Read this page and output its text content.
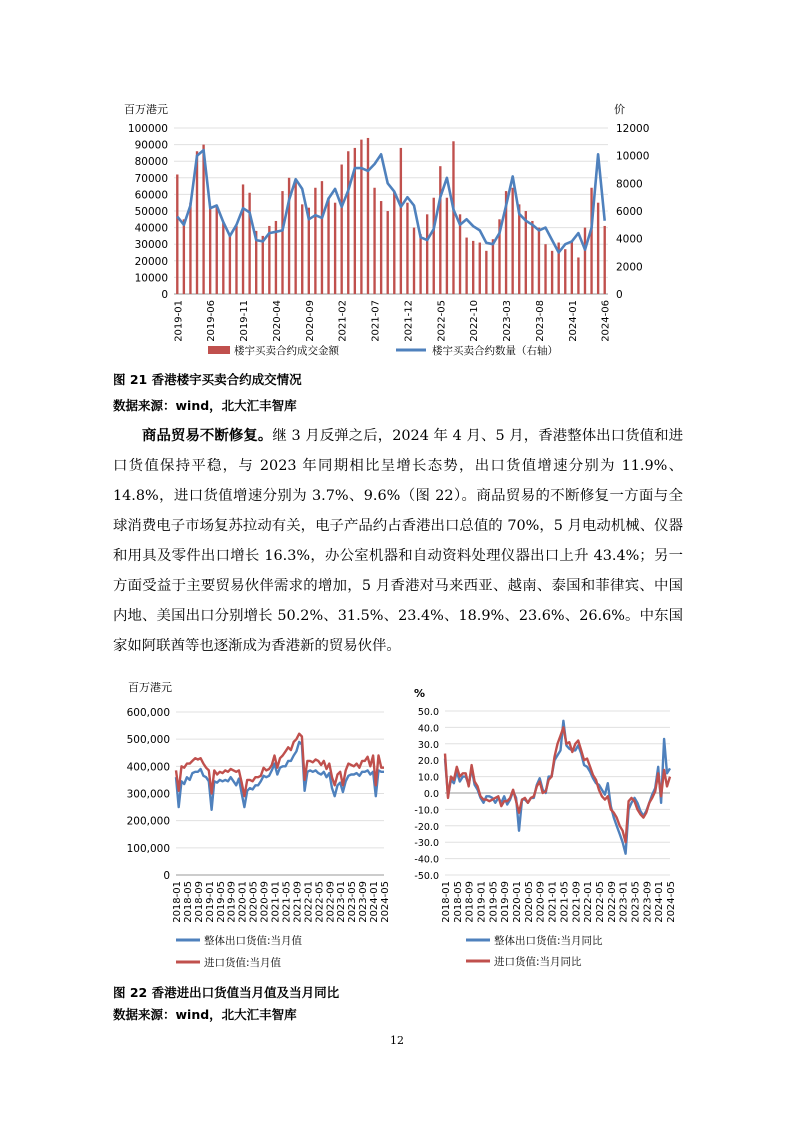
百万港元	价
0
10000
20000
30000
40000
50000
60000
70000
80000
90000
100000
0
2000
4000
6000
8000
10000
12000
2019-01 2019-06 2019-11 2020-04 2020-09 2021-02 2021-07 2021-12 2022-05 2022-10 2023-03 2023-08 2024-01 2024-06
楼宇买卖合约成交金额	楼宇买卖合约数量（右轴）
图 21 香港楼宇买卖合约成交情况
数据来源：wind，北大汇丰智库

商品贸易不断修复。继 3 月反弹之后，2024 年 4 月、5 月，香港整体出口货值和进口货值保持平稳，与 2023 年同期相比呈增长态势，出口货值增速分别为 11.9%、14.8%，进口货值增速分别为 3.7%、9.6%（图 22）。商品贸易的不断修复一方面与全球消费电子市场复苏拉动有关，电子产品约占香港出口总值的 70%，5 月电动机械、仪器和用具及零件出口增长 16.3%，办公室机器和自动资料处理仪器出口上升 43.4%；另一方面受益于主要贸易伙伴需求的增加，5 月香港对马来西亚、越南、泰国和菲律宾、中国内地、美国出口分别增长 50.2%、31.5%、23.4%、18.9%、23.6%、26.6%。中东国家如阿联酋等也逐渐成为香港新的贸易伙伴。

百万港元	%
0
100,000
200,000
300,000
400,000
500,000
600,000
2018-01 2018-05 2018-09 2019-01 2019-05 2019-09 2020-01 2020-05 2020-09 2021-01 2021-05 2021-09 2022-01 2022-05 2022-09 2023-01 2023-05 2023-09 2024-01 2024-05
-50.0
-40.0
-30.0
-20.0
-10.0
0.0
10.0
20.0
30.0
40.0
50.0
2018-01 2018-05 2018-09 2019-01 2019-05 2019-09 2020-01 2020-05 2020-09 2021-01 2021-05 2021-09 2022-01 2022-05 2022-09 2023-01 2023-05 2023-09 2024-01 2024-05
整体出口货值:当月值
进口货值:当月值
整体出口货值:当月同比
进口货值:当月同比
图 22 香港进出口货值当月值及当月同比
数据来源：wind，北大汇丰智库
12
